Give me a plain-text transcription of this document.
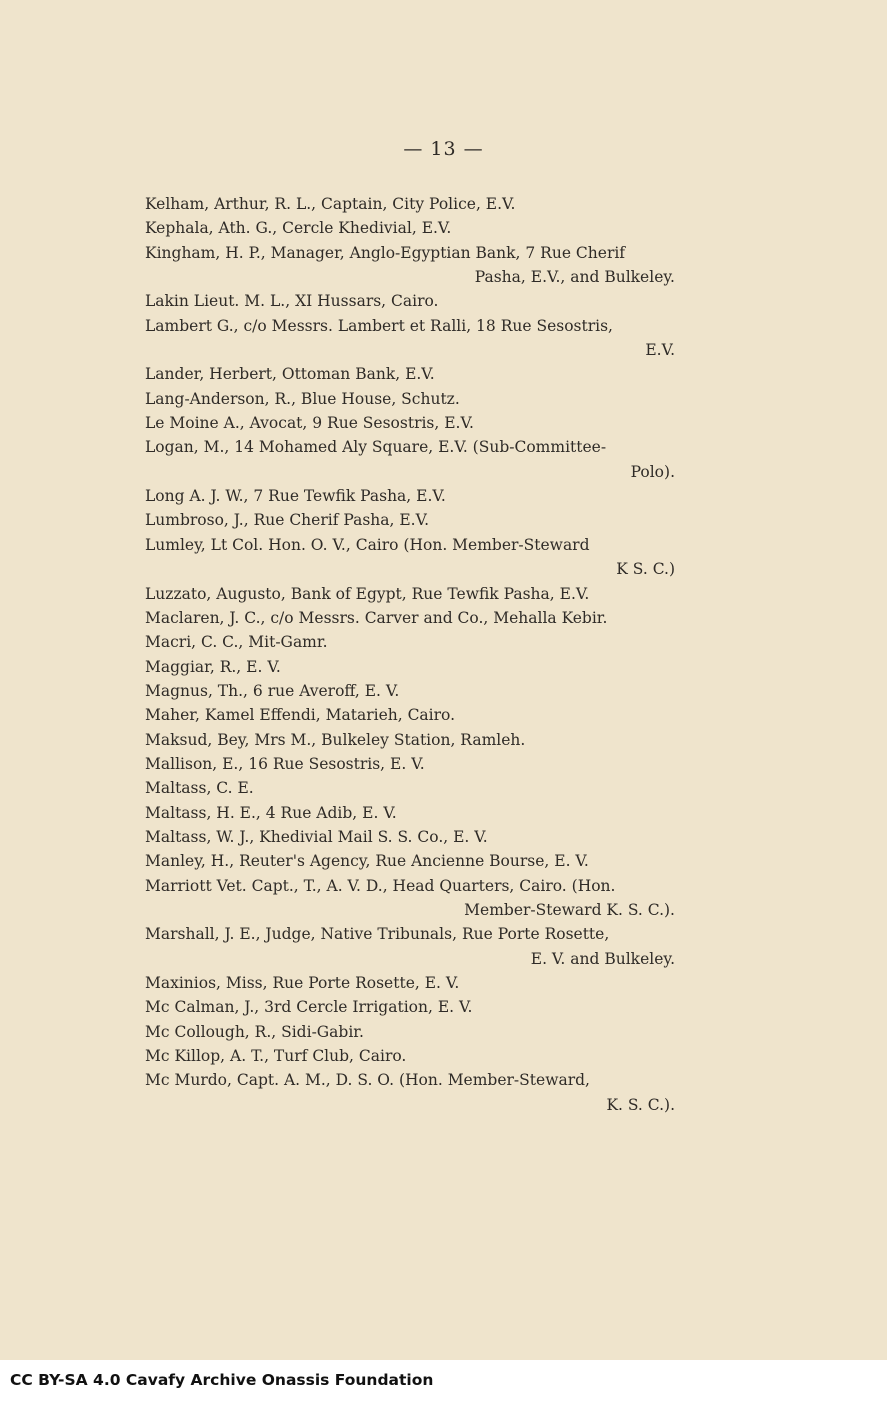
— 13 —
Kelham, Arthur, R. L., Captain, City Police, E.V.
Kephala, Ath. G., Cercle Khedivial, E.V.
Kingham, H. P., Manager, Anglo-Egyptian Bank, 7 Rue Cherif
Pasha, E.V., and Bulkeley.
Lakin Lieut. M. L., XI Hussars, Cairo.
Lambert G., c/o Messrs. Lambert et Ralli, 18 Rue Sesostris,
E.V.
Lander, Herbert, Ottoman Bank, E.V.
Lang-Anderson, R., Blue House, Schutz.
Le Moine A., Avocat, 9 Rue Sesostris, E.V.
Logan, M., 14 Mohamed Aly Square, E.V. (Sub-Committee-
Polo).
Long A. J. W., 7 Rue Tewfik Pasha, E.V.
Lumbroso, J., Rue Cherif Pasha, E.V.
Lumley, Lt Col. Hon. O. V., Cairo (Hon. Member-Steward
K S. C.)
Luzzato, Augusto, Bank of Egypt, Rue Tewfik Pasha, E.V.
Maclaren, J. C., c/o Messrs. Carver and Co., Mehalla Kebir.
Macri, C. C., Mit-Gamr.
Maggiar, R., E. V.
Magnus, Th., 6 rue Averoff, E. V.
Maher, Kamel Effendi, Matarieh, Cairo.
Maksud, Bey, Mrs M., Bulkeley Station, Ramleh.
Mallison, E., 16 Rue Sesostris, E. V.
Maltass, C. E.
Maltass, H. E., 4 Rue Adib, E. V.
Maltass, W. J., Khedivial Mail S. S. Co., E. V.
Manley, H., Reuter's Agency, Rue Ancienne Bourse, E. V.
Marriott Vet. Capt., T., A. V. D., Head Quarters, Cairo. (Hon.
Member-Steward K. S. C.).
Marshall, J. E., Judge, Native Tribunals, Rue Porte Rosette,
E. V. and Bulkeley.
Maxinios, Miss, Rue Porte Rosette, E. V.
Mc Calman, J., 3rd Cercle Irrigation, E. V.
Mc Collough, R., Sidi-Gabir.
Mc Killop, A. T., Turf Club, Cairo.
Mc Murdo, Capt. A. M., D. S. O. (Hon. Member-Steward,
K. S. C.).
CC BY-SA 4.0 Cavafy Archive Onassis Foundation
